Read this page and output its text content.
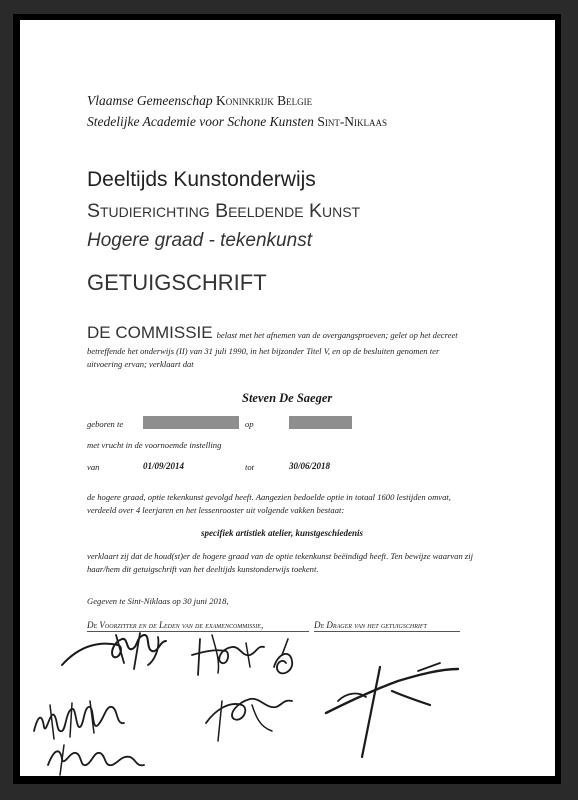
Vlaamse Gemeenschap Koninkrijk Belgie
Stedelijke Academie voor Schone Kunsten Sint-Niklaas
Deeltijds Kunstonderwijs
Studierichting Beeldende Kunst
Hogere graad - tekenkunst
GETUIGSCHRIFT
DE COMMISSIE belast met het afnemen van de overgangsproeven; gelet op het decreet
betreffende het onderwijs (II) van 31 juli 1990, in het bijzonder Titel V, en op de besluiten genomen ter
uitvoering ervan; verklaart dat
Steven De Saeger
geboren te	op
met vrucht in de voornoemde instelling
van	01/09/2014	tot	30/06/2018
de hogere graad, optie tekenkunst gevolgd heeft. Aangezien bedoelde optie in totaal 1600 lestijden omvat,
verdeeld over 4 leerjaren en het lessenrooster uit volgende vakken bestaat:
specifiek artistiek atelier, kunstgeschiedenis
verklaart zij dat de houd(st)er de hogere graad van de optie tekenkunst beëindigd heeft. Ten bewijze waarvan zij
haar/hem dit getuigschrift van het deeltijds kunstonderwijs toekent.
Gegeven te Sint-Niklaas op 30 juni 2018,
De Voorzitter en de Leden van de examencommissie,	De Drager van het getuigschrift
